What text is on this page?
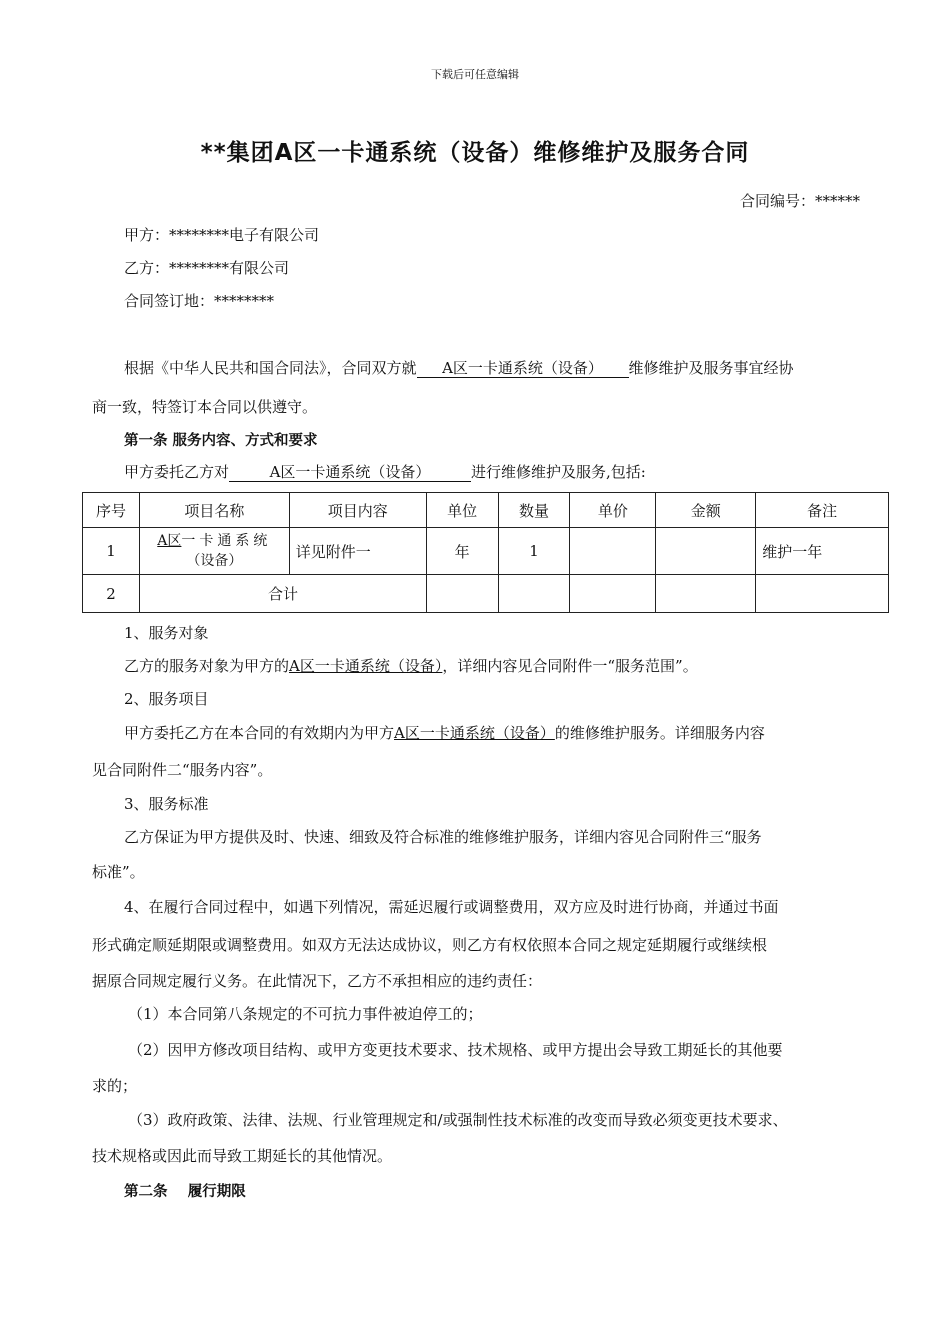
下载后可任意编辑
**集团A区一卡通系统（设备）维修维护及服务合同
合同编号：******
甲方：********电子有限公司
乙方：********有限公司
合同签订地：********
根据《中华人民共和国合同法》，合同双方就 A区一卡通系统（设备） 维修维护及服务事宜经协
商一致，特签订本合同以供遵守。
第一条 服务内容、方式和要求
甲方委托乙方对	A区一卡通系统（设备）	进行维修维护及服务,包括:
序号	项目名称	项目内容	单位	数量	单价	金额	备注
1	A区一卡通系统
（设备）	详见附件一	年	1			维护一年
2	合计						
1、服务对象
乙方的服务对象为甲方的A区一卡通系统（设备），详细内容见合同附件一“服务范围”。
2、服务项目
甲方委托乙方在本合同的有效期内为甲方A区一卡通系统（设备）的维修维护服务。详细服务内容
见合同附件二“服务内容”。
3、服务标准
乙方保证为甲方提供及时、快速、细致及符合标准的维修维护服务，详细内容见合同附件三“服务
标准”。
4、在履行合同过程中，如遇下列情况，需延迟履行或调整费用，双方应及时进行协商，并通过书面
形式确定顺延期限或调整费用。如双方无法达成协议，则乙方有权依照本合同之规定延期履行或继续根
据原合同规定履行义务。在此情况下，乙方不承担相应的违约责任：
（1）本合同第八条规定的不可抗力事件被迫停工的；
（2）因甲方修改项目结构、或甲方变更技术要求、技术规格、或甲方提出会导致工期延长的其他要
求的；
（3）政府政策、法律、法规、行业管理规定和/或强制性技术标准的改变而导致必须变更技术要求、
技术规格或因此而导致工期延长的其他情况。
第二条    履行期限
